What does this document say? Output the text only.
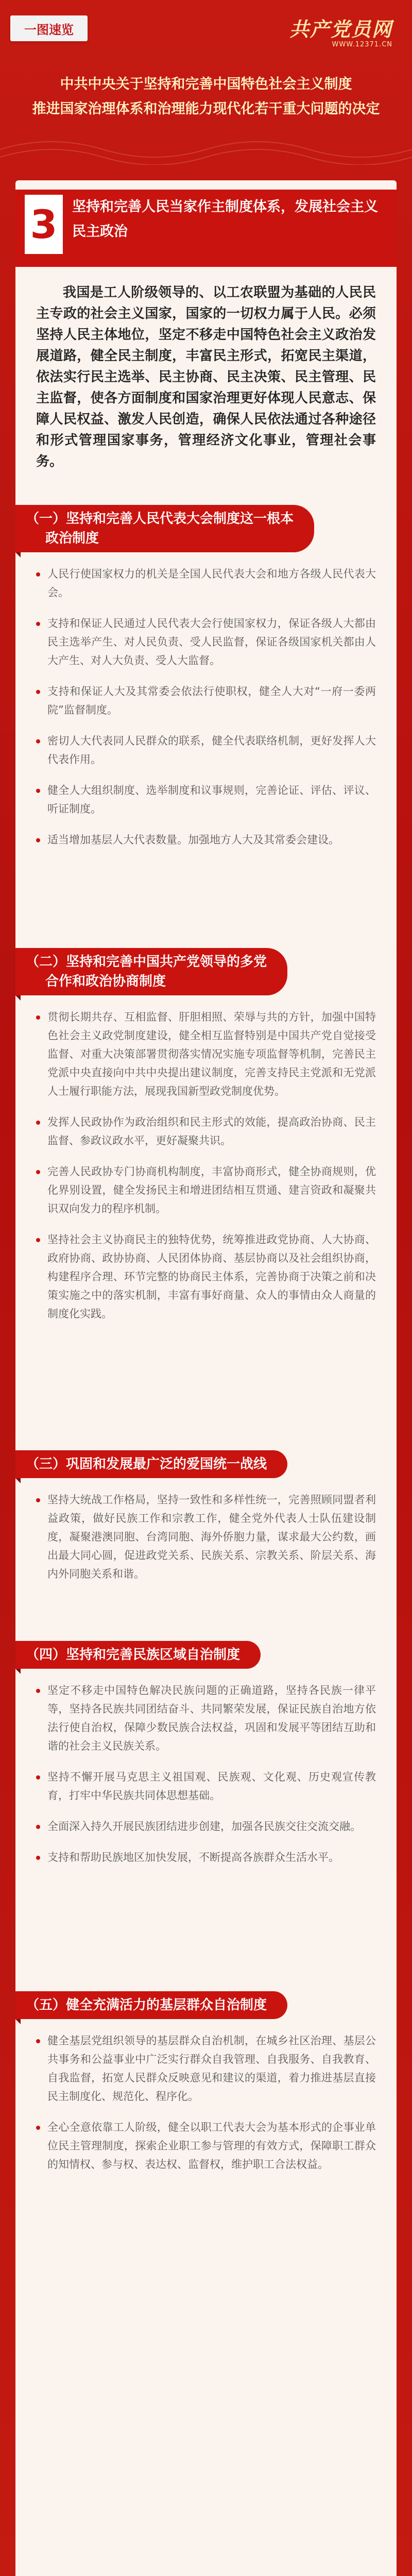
一图速览	共产党员网
WWW.12371.CN
中共中央关于坚持和完善中国特色社会主义制度
推进国家治理体系和治理能力现代化若干重大问题的决定
3	坚持和完善人民当家作主制度体系，发展社会主义民主政治

我国是工人阶级领导的、以工农联盟为基础的人民民主专政的社会主义国家，国家的一切权力属于人民。必须坚持人民主体地位，坚定不移走中国特色社会主义政治发展道路，健全民主制度，丰富民主形式，拓宽民主渠道，依法实行民主选举、民主协商、民主决策、民主管理、民主监督，使各方面制度和国家治理更好体现人民意志、保障人民权益、激发人民创造，确保人民依法通过各种途径和形式管理国家事务，管理经济文化事业，管理社会事务。

（一）坚持和完善人民代表大会制度这一根本
政治制度
人民行使国家权力的机关是全国人民代表大会和地方各级人民代表大会。
支持和保证人民通过人民代表大会行使国家权力，保证各级人大都由民主选举产生、对人民负责、受人民监督，保证各级国家机关都由人大产生、对人大负责、受人大监督。
支持和保证人大及其常委会依法行使职权，健全人大对“一府一委两院”监督制度。
密切人大代表同人民群众的联系，健全代表联络机制，更好发挥人大代表作用。
健全人大组织制度、选举制度和议事规则，完善论证、评估、评议、听证制度。
适当增加基层人大代表数量。加强地方人大及其常委会建设。
（二）坚持和完善中国共产党领导的多党
合作和政治协商制度
贯彻长期共存、互相监督、肝胆相照、荣辱与共的方针，加强中国特色社会主义政党制度建设，健全相互监督特别是中国共产党自觉接受监督、对重大决策部署贯彻落实情况实施专项监督等机制，完善民主党派中央直接向中共中央提出建议制度，完善支持民主党派和无党派人士履行职能方法，展现我国新型政党制度优势。
发挥人民政协作为政治组织和民主形式的效能，提高政治协商、民主监督、参政议政水平，更好凝聚共识。
完善人民政协专门协商机构制度，丰富协商形式，健全协商规则，优化界别设置，健全发扬民主和增进团结相互贯通、建言资政和凝聚共识双向发力的程序机制。
坚持社会主义协商民主的独特优势，统筹推进政党协商、人大协商、政府协商、政协协商、人民团体协商、基层协商以及社会组织协商，构建程序合理、环节完整的协商民主体系，完善协商于决策之前和决策实施之中的落实机制，丰富有事好商量、众人的事情由众人商量的制度化实践。
（三）巩固和发展最广泛的爱国统一战线
坚持大统战工作格局，坚持一致性和多样性统一，完善照顾同盟者利益政策，做好民族工作和宗教工作，健全党外代表人士队伍建设制度，凝聚港澳同胞、台湾同胞、海外侨胞力量，谋求最大公约数，画出最大同心圆，促进政党关系、民族关系、宗教关系、阶层关系、海内外同胞关系和谐。
（四）坚持和完善民族区域自治制度
坚定不移走中国特色解决民族问题的正确道路，坚持各民族一律平等，坚持各民族共同团结奋斗、共同繁荣发展，保证民族自治地方依法行使自治权，保障少数民族合法权益，巩固和发展平等团结互助和谐的社会主义民族关系。
坚持不懈开展马克思主义祖国观、民族观、文化观、历史观宣传教育，打牢中华民族共同体思想基础。
全面深入持久开展民族团结进步创建，加强各民族交往交流交融。
支持和帮助民族地区加快发展，不断提高各族群众生活水平。
（五）健全充满活力的基层群众自治制度
健全基层党组织领导的基层群众自治机制，在城乡社区治理、基层公共事务和公益事业中广泛实行群众自我管理、自我服务、自我教育、自我监督，拓宽人民群众反映意见和建议的渠道，着力推进基层直接民主制度化、规范化、程序化。
全心全意依靠工人阶级，健全以职工代表大会为基本形式的企事业单位民主管理制度，探索企业职工参与管理的有效方式，保障职工群众的知情权、参与权、表达权、监督权，维护职工合法权益。
